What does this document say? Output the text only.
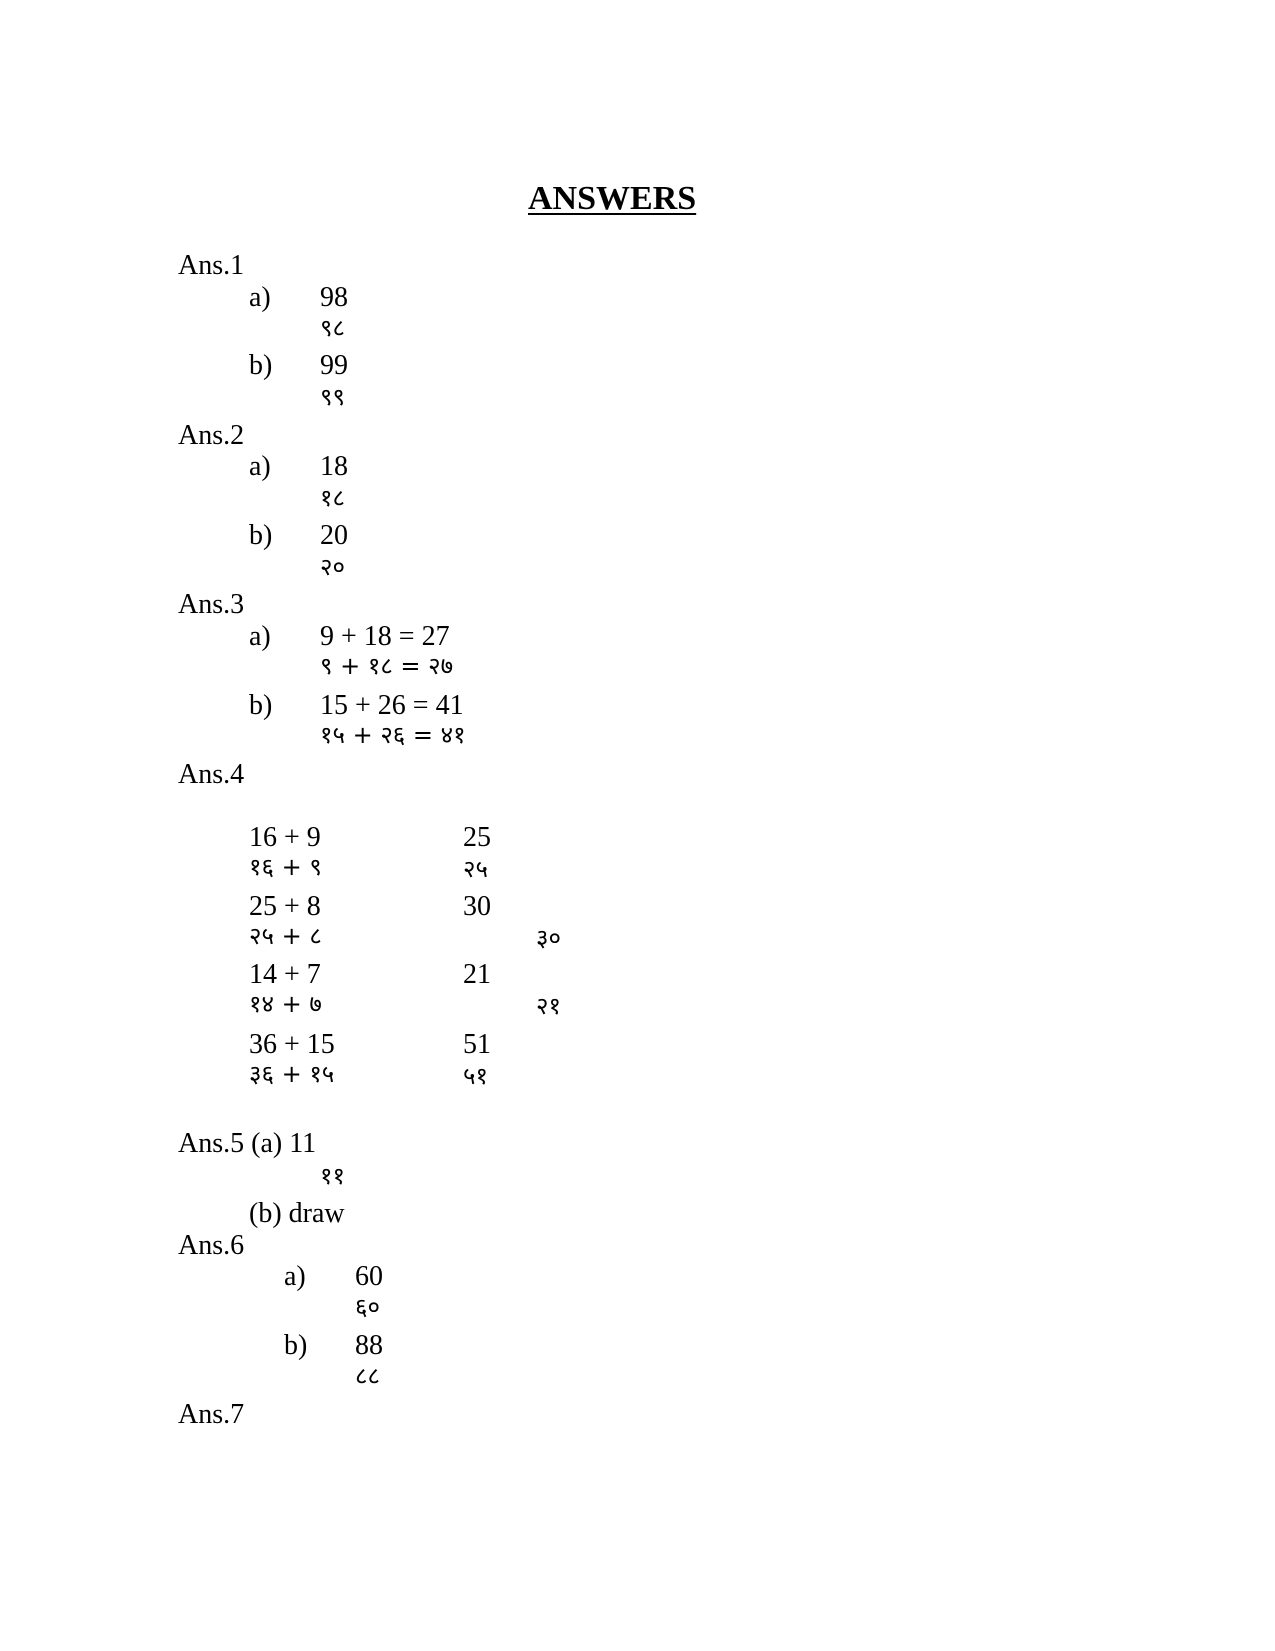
ANSWERS
Ans.1
a) 98
९८
b) 99
९९
Ans.2
a) 18
१८
b) 20
२०
Ans.3
a) 9 + 18 = 27
९ + १८ = २७
b) 15 + 26 = 41
१५ + २६ = ४१
Ans.4
16 + 9	25
१६ + ९	२५
25 + 8	30
२५ + ८	३०
14 + 7	21
१४ + ७	२१
36 + 15	51
३६ + १५	५१
Ans.5 (a) 11
११
(b) draw
Ans.6
a) 60
६०
b) 88
८८
Ans.7
